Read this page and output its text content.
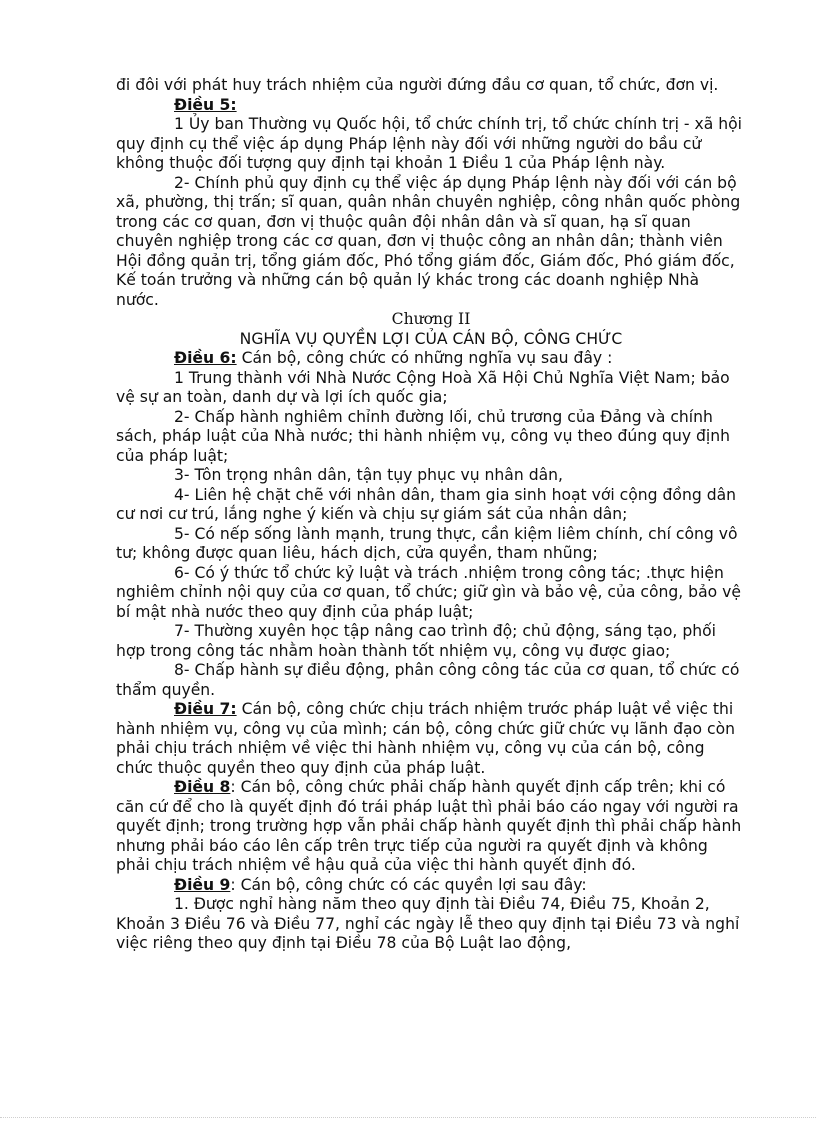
đi đôi với phát huy trách nhiệm của người đứng đầu cơ quan, tổ chức, đơn vị.

Điều 5:

1 Ủy ban Thường vụ Quốc hội, tổ chức chính trị, tổ chức chính trị - xã hội quy định cụ thể việc áp dụng Pháp lệnh này đối với những người do bầu cử không thuộc đối tượng quy định tại khoản 1 Điều 1 của Pháp lệnh này.

2- Chính phủ quy định cụ thể việc áp dụng Pháp lệnh này đối với cán bộ xã, phường, thị trấn; sĩ quan, quân nhân chuyên nghiệp, công nhân quốc phòng trong các cơ quan, đơn vị thuộc quân đội nhân dân và sĩ quan, hạ sĩ quan chuyên nghiệp trong các cơ quan, đơn vị thuộc công an nhân dân; thành viên Hội đồng quản trị, tổng giám đốc, Phó tổng giám đốc, Giám đốc, Phó giám đốc, Kế toán trưởng và những cán bộ quản lý khác trong các doanh nghiệp Nhà nước.

Chương II

NGHĨA VỤ QUYỀN LỢI CỦA CÁN BỘ, CÔNG CHỨC

Điều 6: Cán bộ, công chức có những nghĩa vụ sau đây :

1 Trung thành với Nhà Nước Cộng Hoà Xã Hội Chủ Nghĩa Việt Nam; bảo vệ sự an toàn, danh dự và lợi ích quốc gia;

2- Chấp hành nghiêm chỉnh đường lối, chủ trương của Đảng và chính sách, pháp luật của Nhà nước; thi hành nhiệm vụ, công vụ theo đúng quy định của pháp luật;

3- Tôn trọng nhân dân, tận tụy phục vụ nhân dân,

4- Liên hệ chặt chẽ với nhân dân, tham gia sinh hoạt với cộng đồng dân cư nơi cư trú, lắng nghe ý kiến và chịu sự giám sát của nhân dân;

5- Có nếp sống lành mạnh, trung thực, cần kiệm liêm chính, chí công vô tư; không được quan liêu, hách dịch, cửa quyền, tham nhũng;

6- Có ý thức tổ chức kỷ luật và trách .nhiệm trong công tác; .thực hiện nghiêm chỉnh nội quy của cơ quan, tổ chức; giữ gìn và bảo vệ, của công, bảo vệ bí mật nhà nước theo quy định của pháp luật;

7- Thường xuyên học tập nâng cao trình độ; chủ động, sáng tạo, phối hợp trong công tác nhằm hoàn thành tốt nhiệm vụ, công vụ được giao;

8- Chấp hành sự điều động, phân công công tác của cơ quan, tổ chức có thẩm quyền.

Điều 7: Cán bộ, công chức chịu trách nhiệm trước pháp luật về việc thi hành nhiệm vụ, công vụ của mình; cán bộ, công chức giữ chức vụ lãnh đạo còn phải chịu trách nhiệm về việc thi hành nhiệm vụ, công vụ của cán bộ, công chức thuộc quyền theo quy định của pháp luật.

Điều 8: Cán bộ, công chức phải chấp hành quyết định cấp trên; khi có căn cứ để cho là quyết định đó trái pháp luật thì phải báo cáo ngay với người ra quyết định; trong trường hợp vẫn phải chấp hành quyết định thì phải chấp hành nhưng phải báo cáo lên cấp trên trực tiếp của người ra quyết định và không phải chịu trách nhiệm về hậu quả của việc thi hành quyết định đó.

Điều 9: Cán bộ, công chức có các quyền lợi sau đây:

1. Được nghỉ hàng năm theo quy định tài Điều 74, Điều 75, Khoản 2, Khoản 3 Điều 76 và Điều 77, nghỉ các ngày lễ theo quy định tại Điều 73 và nghỉ việc riêng theo quy định tại Điều 78 của Bộ Luật lao động,
